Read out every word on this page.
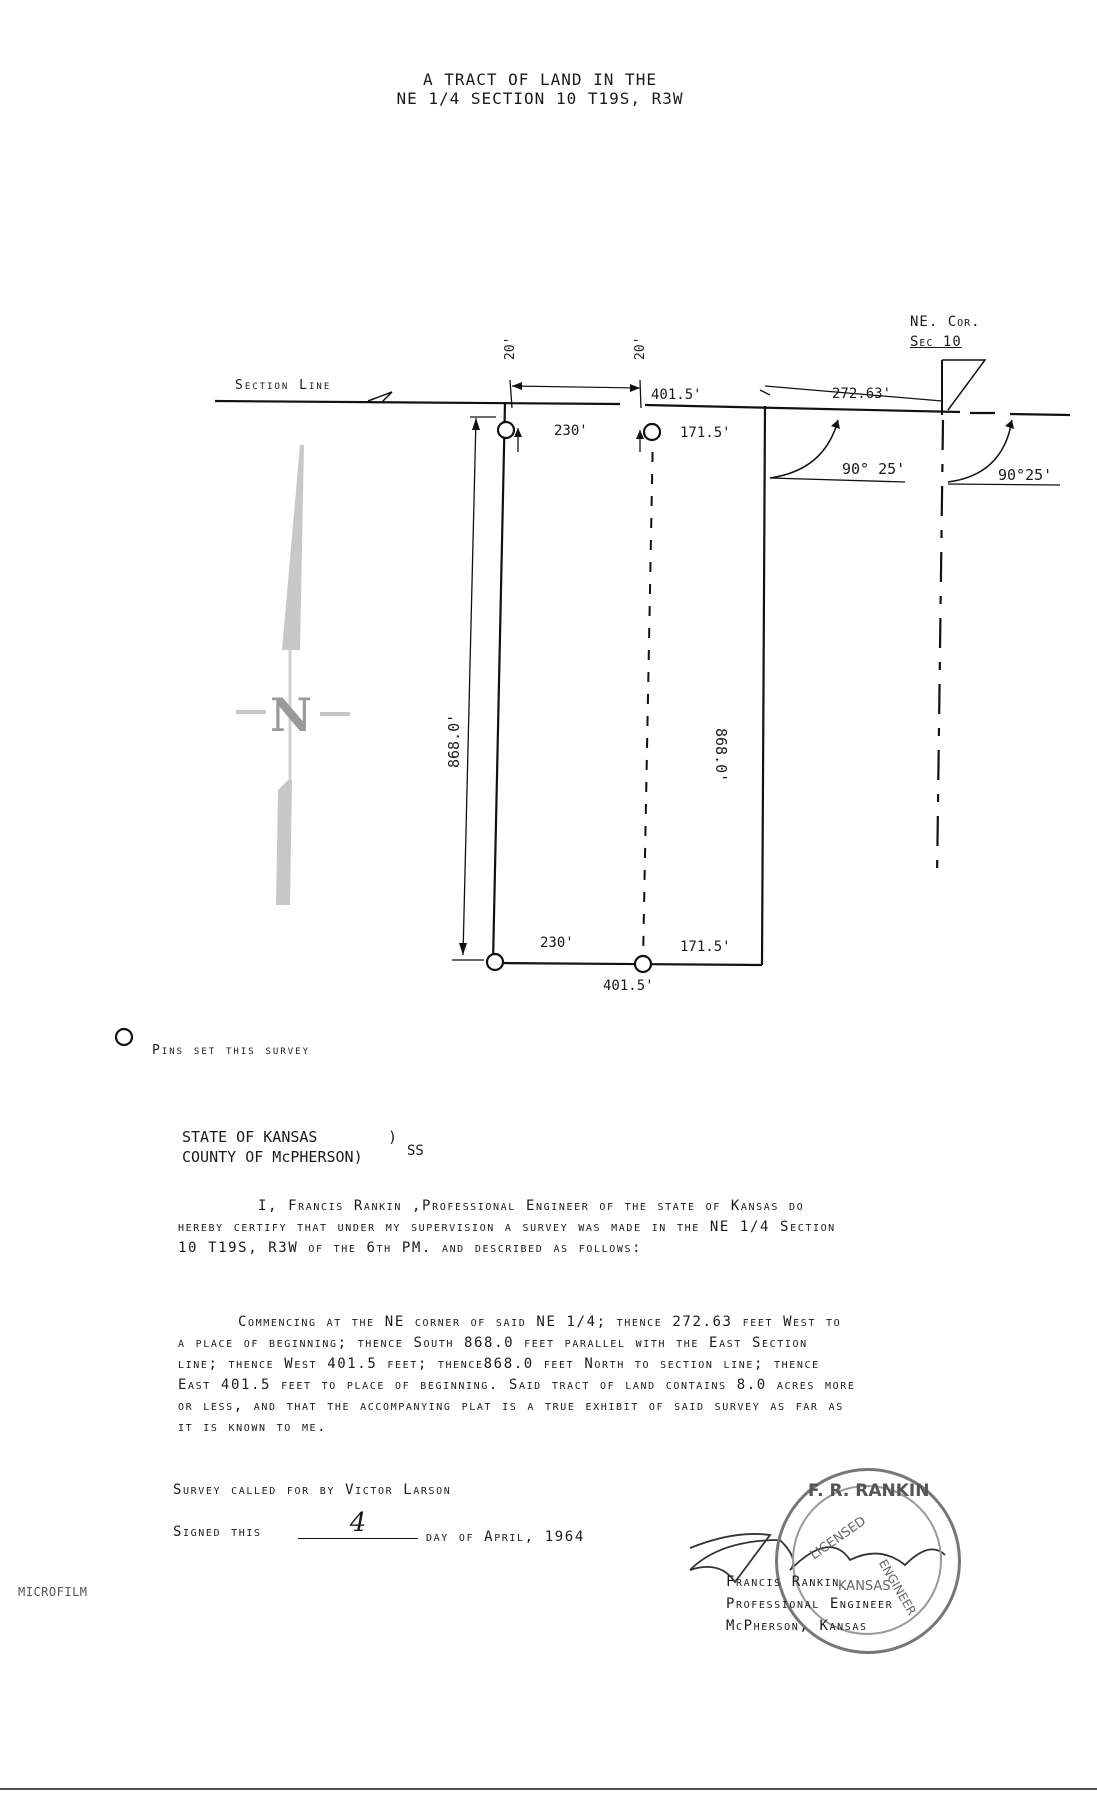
A TRACT OF LAND IN THE
NE 1/4 SECTION 10 T19S, R3W
Section Line
NE. Cor.
Sec 10
401.5'	272.63'
230'	171.5'
20'	20'
868.0'	868.0'
230'	171.5'
401.5'
90° 25'	90°25'
N
Pins set this survey
STATE OF KANSAS	)
COUNTY OF McPHERSON)	SS
I, Francis Rankin ,Professional Engineer of the state of Kansas do hereby certify that under my supervision a survey was made in the NE 1/4 Section 10 T19S, R3W of the 6th PM. and described as follows:
Commencing at the NE corner of said NE 1/4; thence 272.63 feet West to a place of beginning; thence South 868.0 feet parallel with the East Section line; thence West 401.5 feet; thence868.0 feet North to section line; thence East 401.5 feet to place of beginning. Said tract of land contains 8.0 acres more or less, and that the accompanying plat is a true exhibit of said survey as far as it is known to me.
Survey called for by Victor Larson
Signed this	4	day of April, 1964
F. R. RANKIN
LICENSED
ENGINEER
KANSAS
Francis Rankin
Professional Engineer
McPherson, Kansas
MICROFILM
